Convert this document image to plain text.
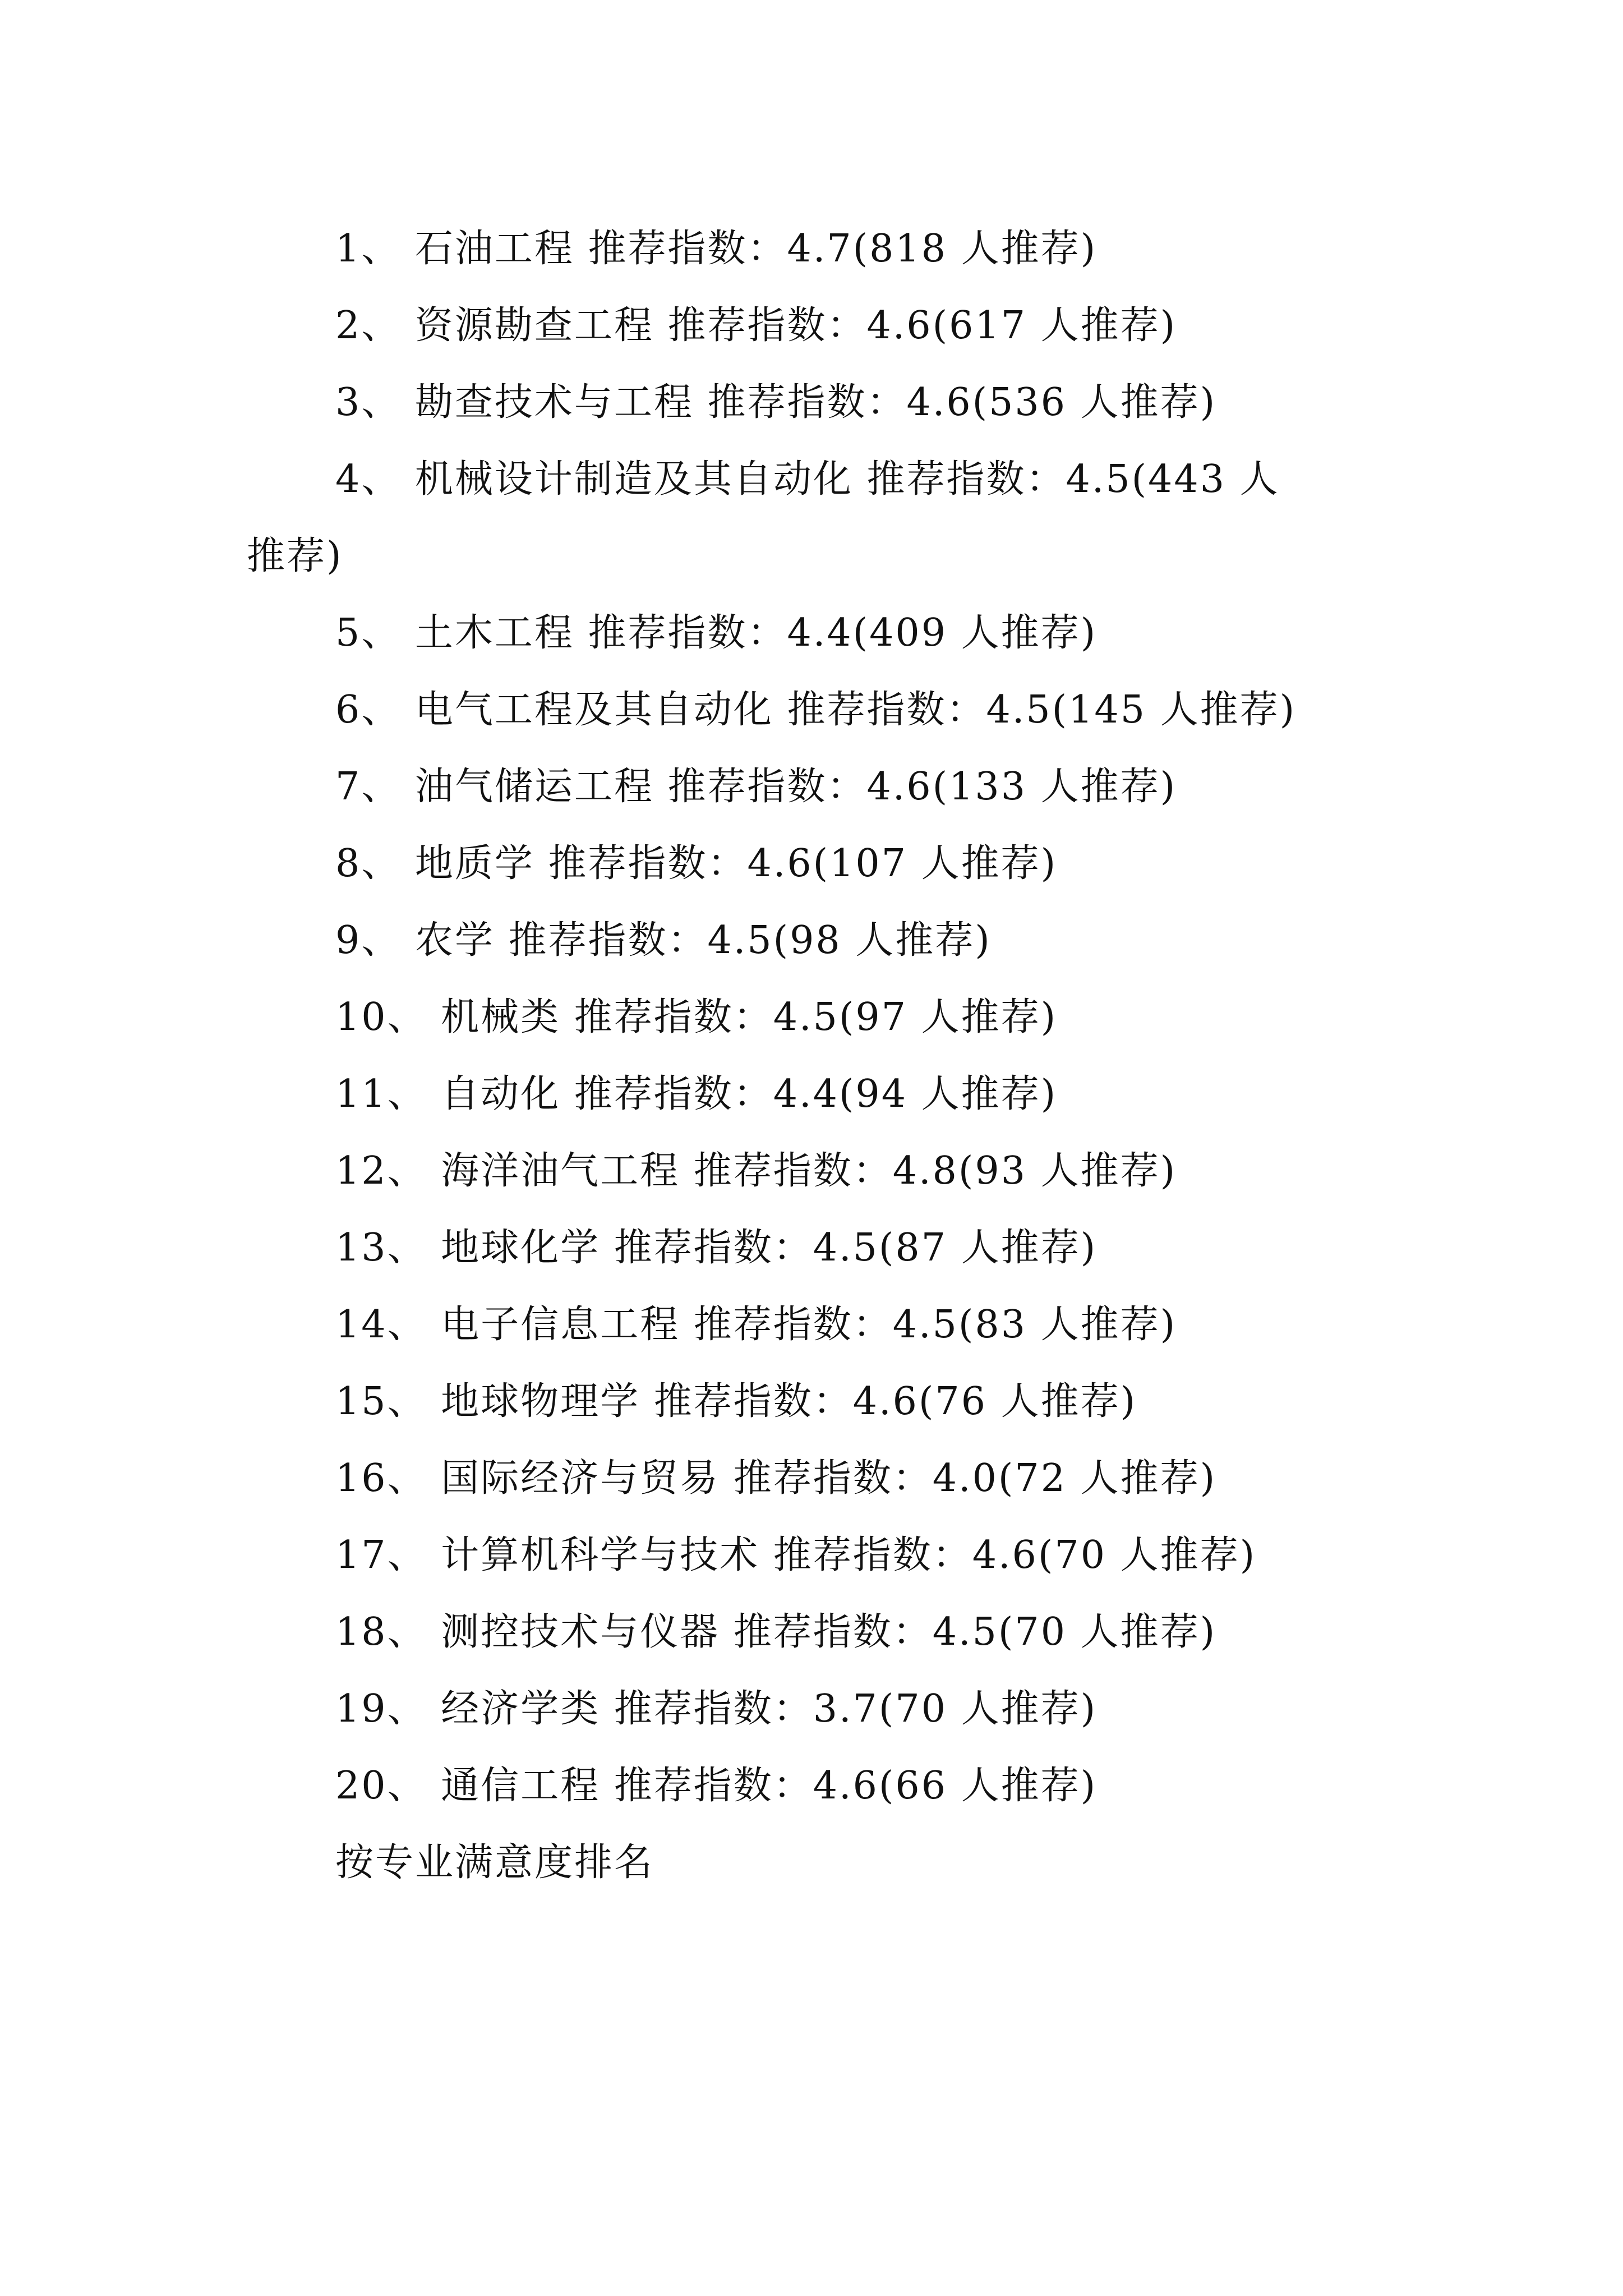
1、 石油工程 推荐指数：4.7(818 人推荐)
2、 资源勘查工程 推荐指数：4.6(617 人推荐)
3、 勘查技术与工程 推荐指数：4.6(536 人推荐)
4、 机械设计制造及其自动化 推荐指数：4.5(443 人
推荐)
5、 土木工程 推荐指数：4.4(409 人推荐)
6、 电气工程及其自动化 推荐指数：4.5(145 人推荐)
7、 油气储运工程 推荐指数：4.6(133 人推荐)
8、 地质学 推荐指数：4.6(107 人推荐)
9、 农学 推荐指数：4.5(98 人推荐)
10、 机械类 推荐指数：4.5(97 人推荐)
11、 自动化 推荐指数：4.4(94 人推荐)
12、 海洋油气工程 推荐指数：4.8(93 人推荐)
13、 地球化学 推荐指数：4.5(87 人推荐)
14、 电子信息工程 推荐指数：4.5(83 人推荐)
15、 地球物理学 推荐指数：4.6(76 人推荐)
16、 国际经济与贸易 推荐指数：4.0(72 人推荐)
17、 计算机科学与技术 推荐指数：4.6(70 人推荐)
18、 测控技术与仪器 推荐指数：4.5(70 人推荐)
19、 经济学类 推荐指数：3.7(70 人推荐)
20、 通信工程 推荐指数：4.6(66 人推荐)
按专业满意度排名
